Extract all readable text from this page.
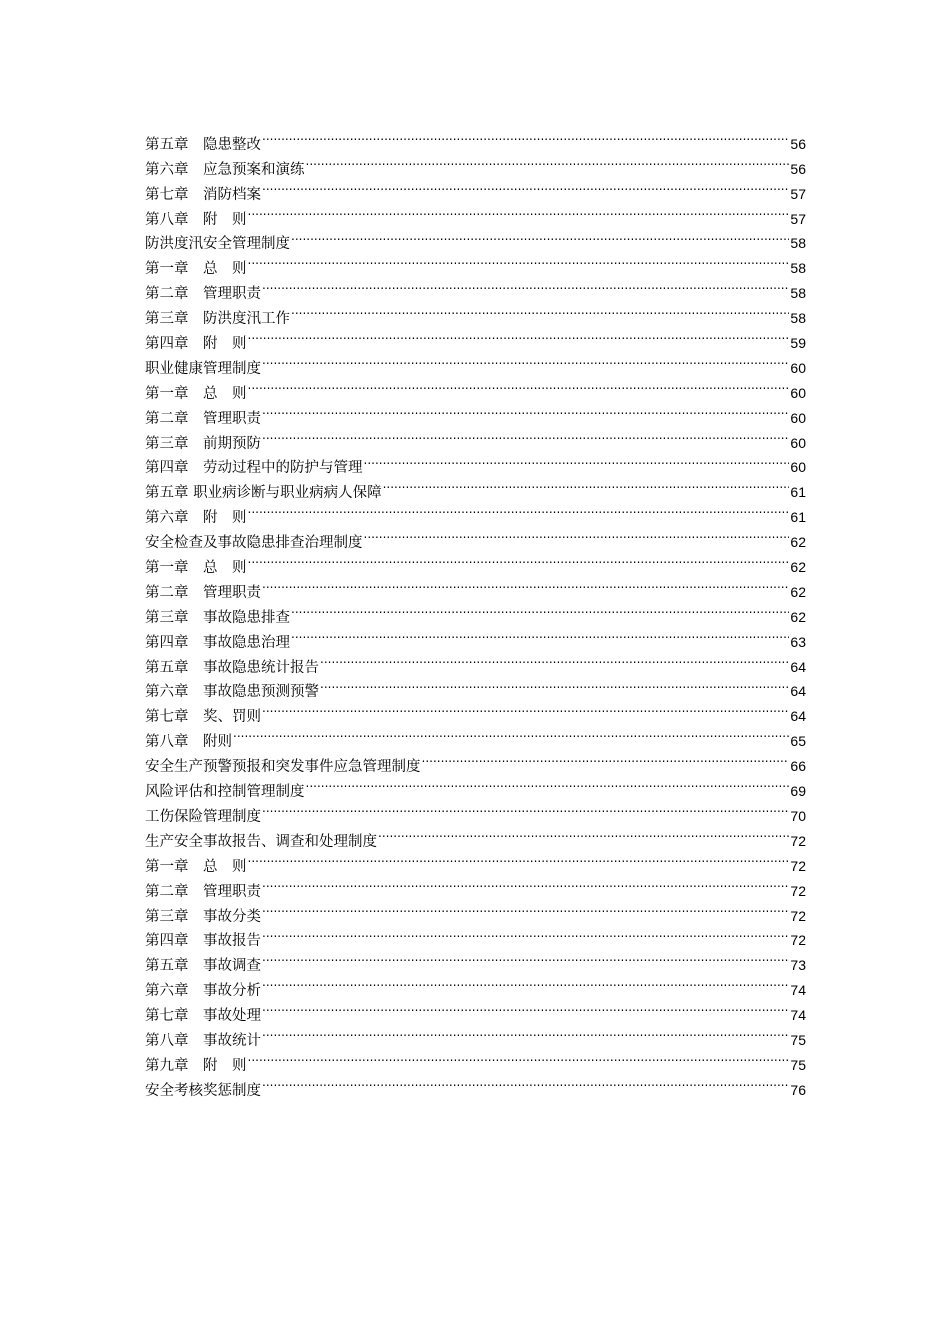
第五章　隐患整改 .....	56
第六章　应急预案和演练 .....	56
第七章　消防档案 .....	57
第八章　附　则 .....	57
防洪度汛安全管理制度 .....	58
第一章　总　则 .....	58
第二章　管理职责 .....	58
第三章　防洪度汛工作 .....	58
第四章　附　则 .....	59
职业健康管理制度 .....	60
第一章　总　则 .....	60
第二章　管理职责 .....	60
第三章　前期预防 .....	60
第四章　劳动过程中的防护与管理 .....	60
第五章 职业病诊断与职业病病人保障 .....	61
第六章　附　则 .....	61
安全检查及事故隐患排查治理制度 .....	62
第一章　总　则 .....	62
第二章　管理职责 .....	62
第三章　事故隐患排查 .....	62
第四章　事故隐患治理 .....	63
第五章　事故隐患统计报告 .....	64
第六章　事故隐患预测预警 .....	64
第七章　奖、罚则 .....	64
第八章　附则 .....	65
安全生产预警预报和突发事件应急管理制度 .....	66
风险评估和控制管理制度 .....	69
工伤保险管理制度 .....	70
生产安全事故报告、调查和处理制度 .....	72
第一章　总　则 .....	72
第二章　管理职责 .....	72
第三章　事故分类 .....	72
第四章　事故报告 .....	72
第五章　事故调查 .....	73
第六章　事故分析 .....	74
第七章　事故处理 .....	74
第八章　事故统计 .....	75
第九章　附　则 .....	75
安全考核奖惩制度 .....	76
